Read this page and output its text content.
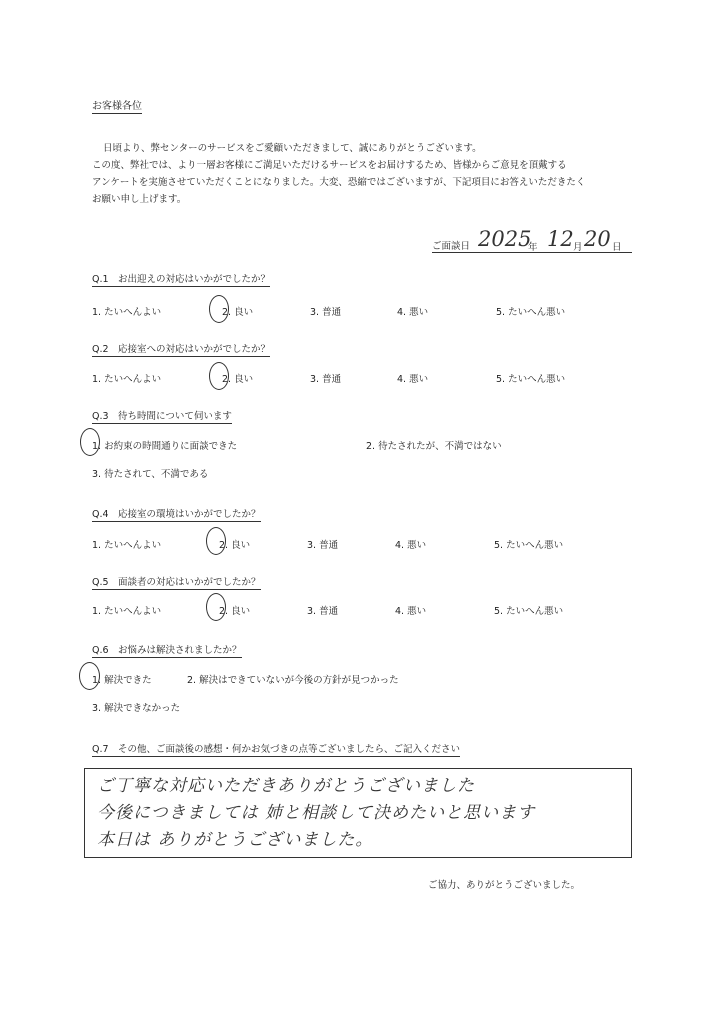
お客様各位
日頃より、弊センターのサービスをご愛顧いただきまして、誠にありがとうございます。
この度、弊社では、より一層お客様にご満足いただけるサービスをお届けするため、皆様からご意見を頂戴する
アンケートを実施させていただくことになりました。大変、恐縮ではございますが、下記項目にお答えいただきたく
お願い申し上げます。
ご面談日 2025
年 12 月 20 日
Q.1　お出迎えの対応はいかがでしたか？
1. たいへんよい	2. 良い	3. 普通	4. 悪い	5. たいへん悪い
Q.2　応接室への対応はいかがでしたか？
1. たいへんよい	2. 良い	3. 普通	4. 悪い	5. たいへん悪い
Q.3　待ち時間について伺います
1. お約束の時間通りに面談できた	2. 待たされたが、不満ではない
3. 待たされて、不満である
Q.4　応接室の環境はいかがでしたか？
1. たいへんよい	2. 良い	3. 普通	4. 悪い	5. たいへん悪い
Q.5　面談者の対応はいかがでしたか？
1. たいへんよい	2. 良い	3. 普通	4. 悪い	5. たいへん悪い
Q.6　お悩みは解決されましたか？
1. 解決できた	2. 解決はできていないが今後の方針が見つかった
3. 解決できなかった
Q.7　その他、ご面談後の感想・何かお気づきの点等ございましたら、ご記入ください
ご丁寧な対応いただきありがとうございました
今後につきましては 姉と相談して決めたいと思います
本日は ありがとうございました。
ご協力、ありがとうございました。
